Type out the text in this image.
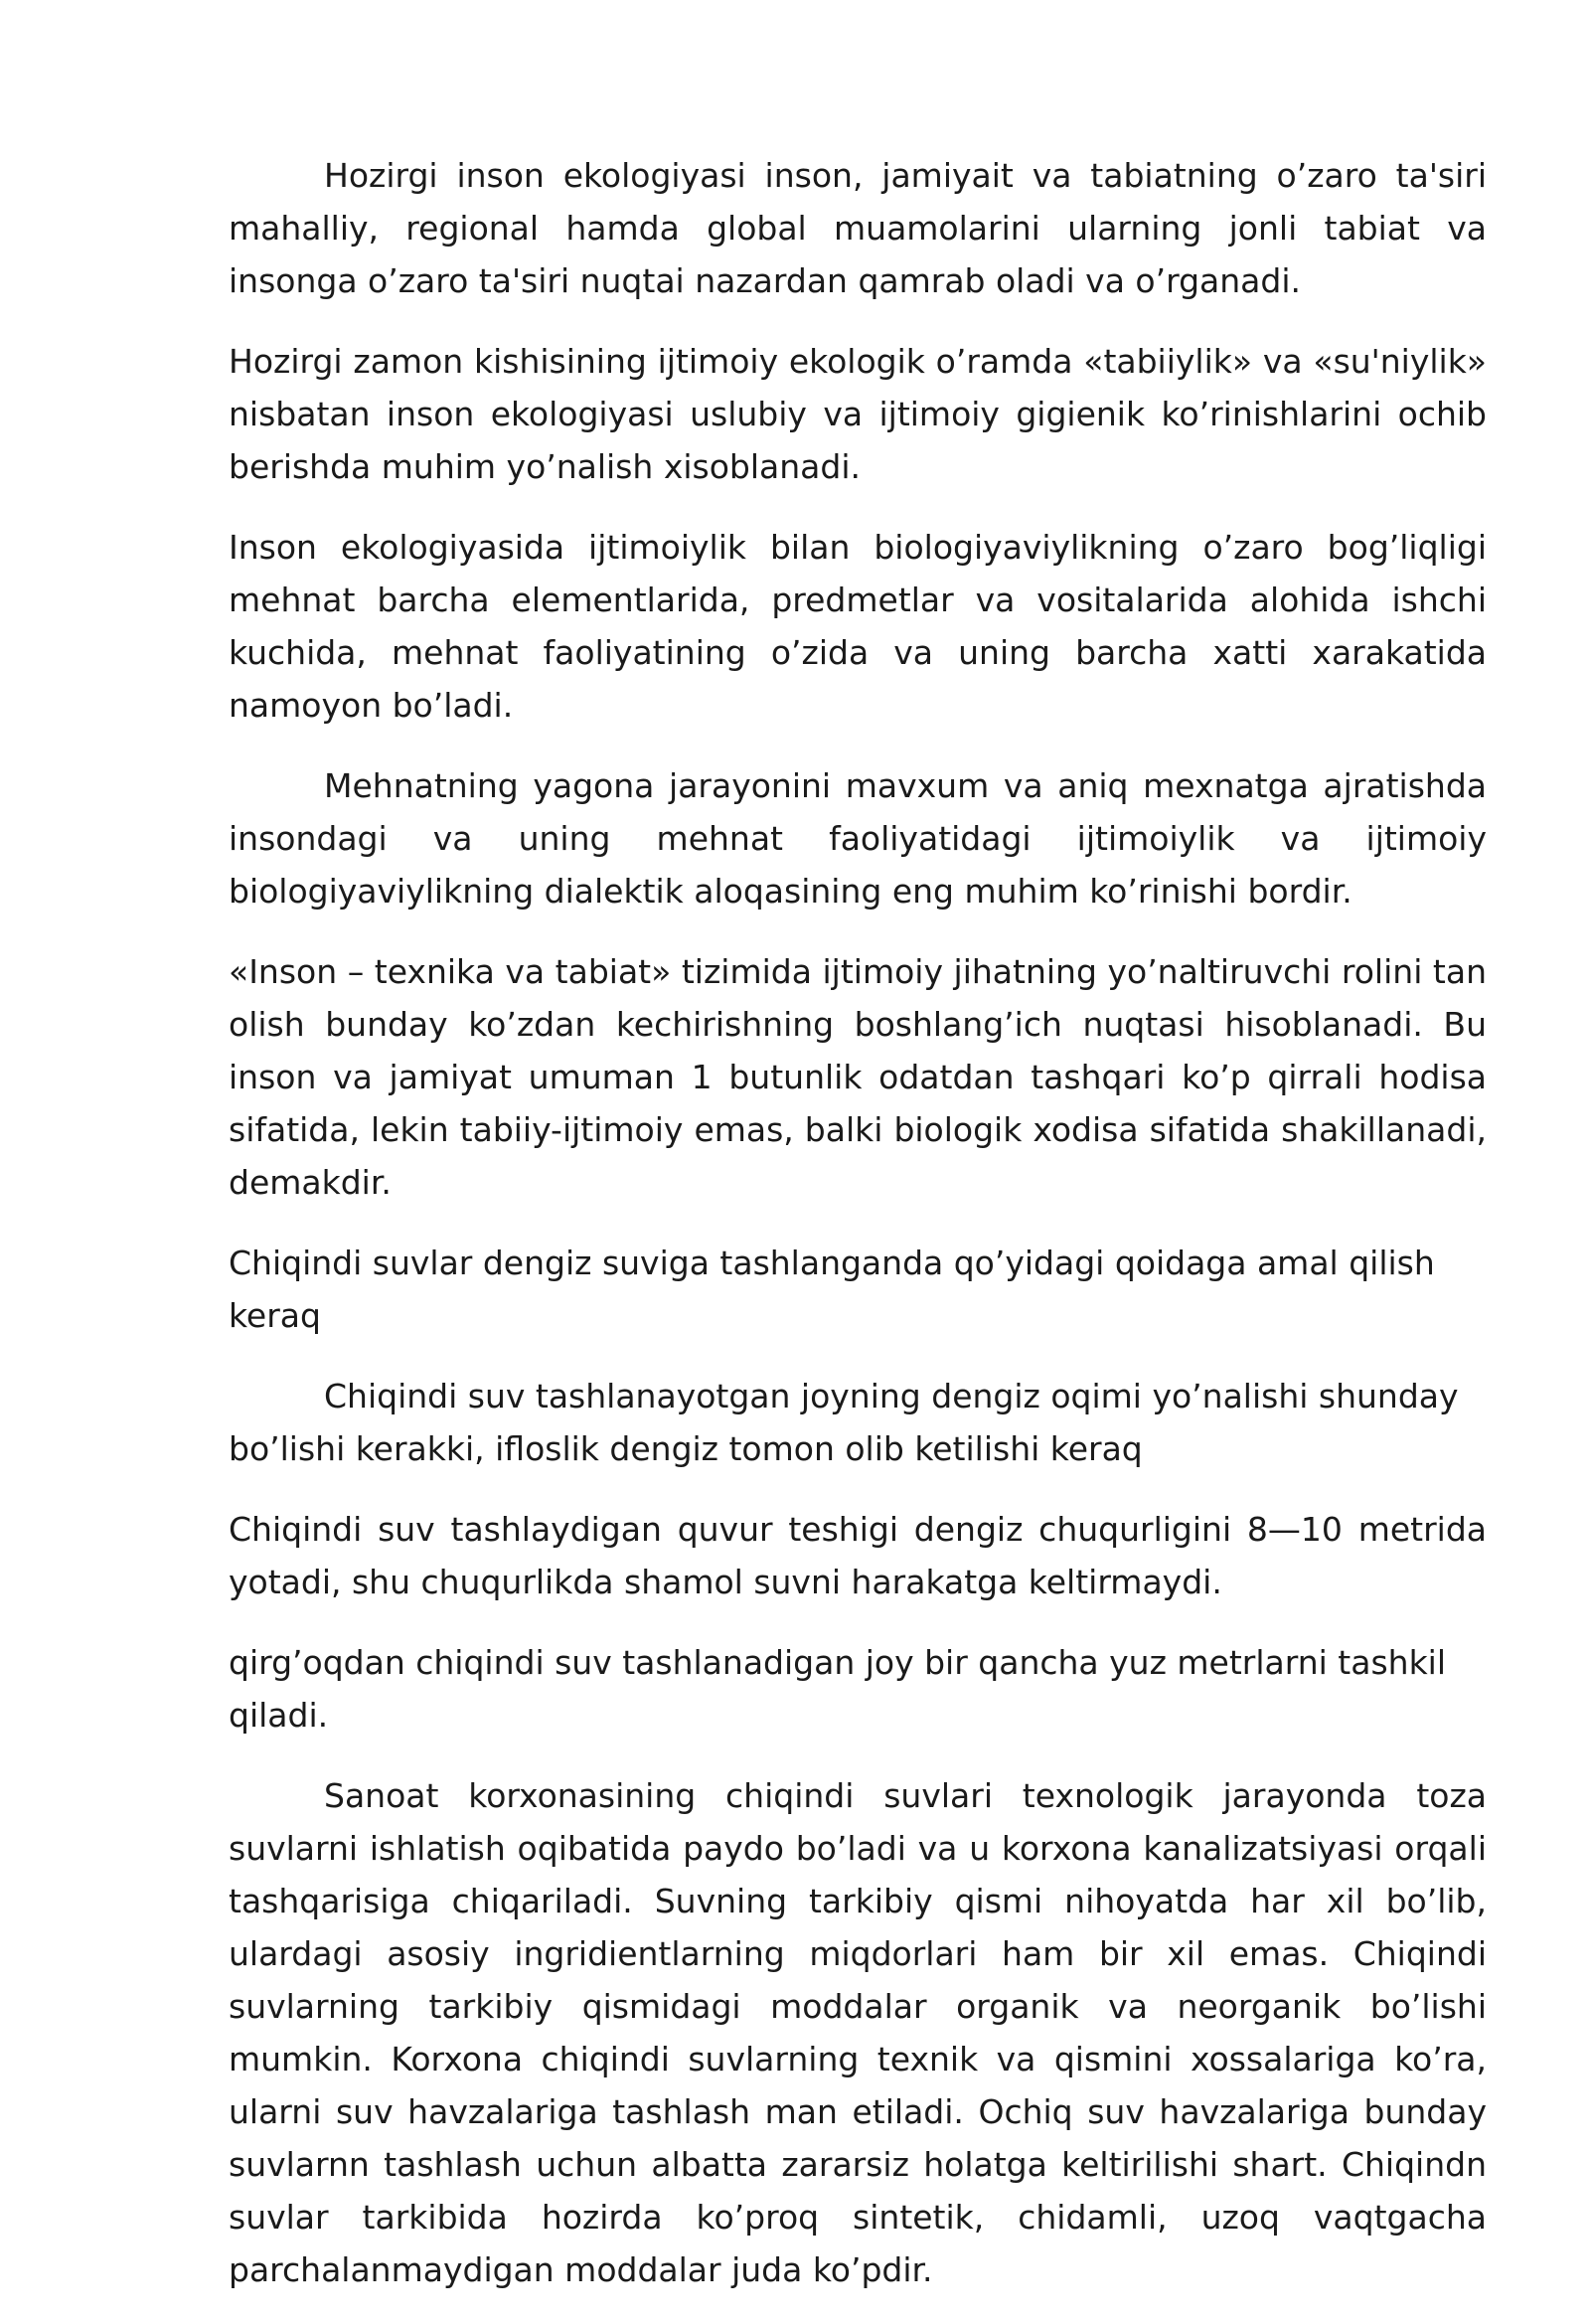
Hozirgi inson ekologiyasi inson, jamiyait va tabiatning o’zaro ta'siri mahalliy, regional hamda global muamolarini ularning jonli tabiat va insonga o’zaro ta'siri nuqtai nazardan qamrab oladi va o’rganadi.

Hozirgi zamon kishisining ijtimoiy ekologik o’ramda «tabiiylik» va «su'niylik» nisbatan inson ekologiyasi uslubiy va ijtimoiy gigienik ko’rinishlarini ochib berishda muhim yo’nalish xisoblanadi.

Inson ekologiyasida ijtimoiylik bilan biologiyaviylikning o’zaro bog’liqligi mehnat barcha elementlarida, predmetlar va vositalarida alohida ishchi kuchida, mehnat faoliyatining o’zida va uning barcha xatti xarakatida namoyon bo’ladi.

Mehnatning yagona jarayonini mavxum va aniq mexnatga ajratishda insondagi va uning mehnat faoliyatidagi ijtimoiylik va ijtimoiy biologiyaviylikning dialektik aloqasining eng muhim ko’rinishi bordir.

«Inson – texnika va tabiat» tizimida ijtimoiy jihatning yo’naltiruvchi rolini tan olish bunday ko’zdan kechirishning boshlang’ich nuqtasi hisoblanadi. Bu inson va jamiyat umuman 1 butunlik odatdan tashqari ko’p qirrali hodisa sifatida, lekin tabiiy-ijtimoiy emas, balki biologik xodisa sifatida shakillanadi, demakdir.

Chiqindi suvlar dengiz suviga tashlanganda qo’yidagi qoidaga amal qilish keraq

Chiqindi suv tashlanayotgan joyning dengiz oqimi yo’nalishi shunday bo’lishi kerakki, ifloslik dengiz tomon olib ketilishi keraq

Chiqindi suv tashlaydigan quvur teshigi dengiz chuqurligini 8—10 metrida yotadi, shu chuqurlikda shamol suvni harakatga keltirmaydi.

qirg’oqdan chiqindi suv tashlanadigan joy bir qancha yuz metrlarni tashkil qiladi.

Sanoat korxonasining chiqindi suvlari texnologik jarayonda toza suvlarni ishlatish oqibatida paydo bo’ladi va u korxona kanalizatsiyasi orqali tashqarisiga chiqariladi. Suvning tarkibiy qismi nihoyatda har xil bo’lib, ulardagi asosiy ingridientlarning miqdorlari ham bir xil emas. Chiqindi suvlarning tarkibiy qismidagi moddalar organik va neorganik bo’lishi mumkin. Korxona chiqindi suvlarning texnik va qismini xossalariga ko’ra, ularni suv havzalariga tashlash man etiladi. Ochiq suv havzalariga bunday suvlarnn tashlash uchun albatta zararsiz holatga keltirilishi shart. Chiqindn suvlar tarkibida hozirda ko’proq sintetik, chidamli, uzoq vaqtgacha parchalanmaydigan moddalar juda ko’pdir.
